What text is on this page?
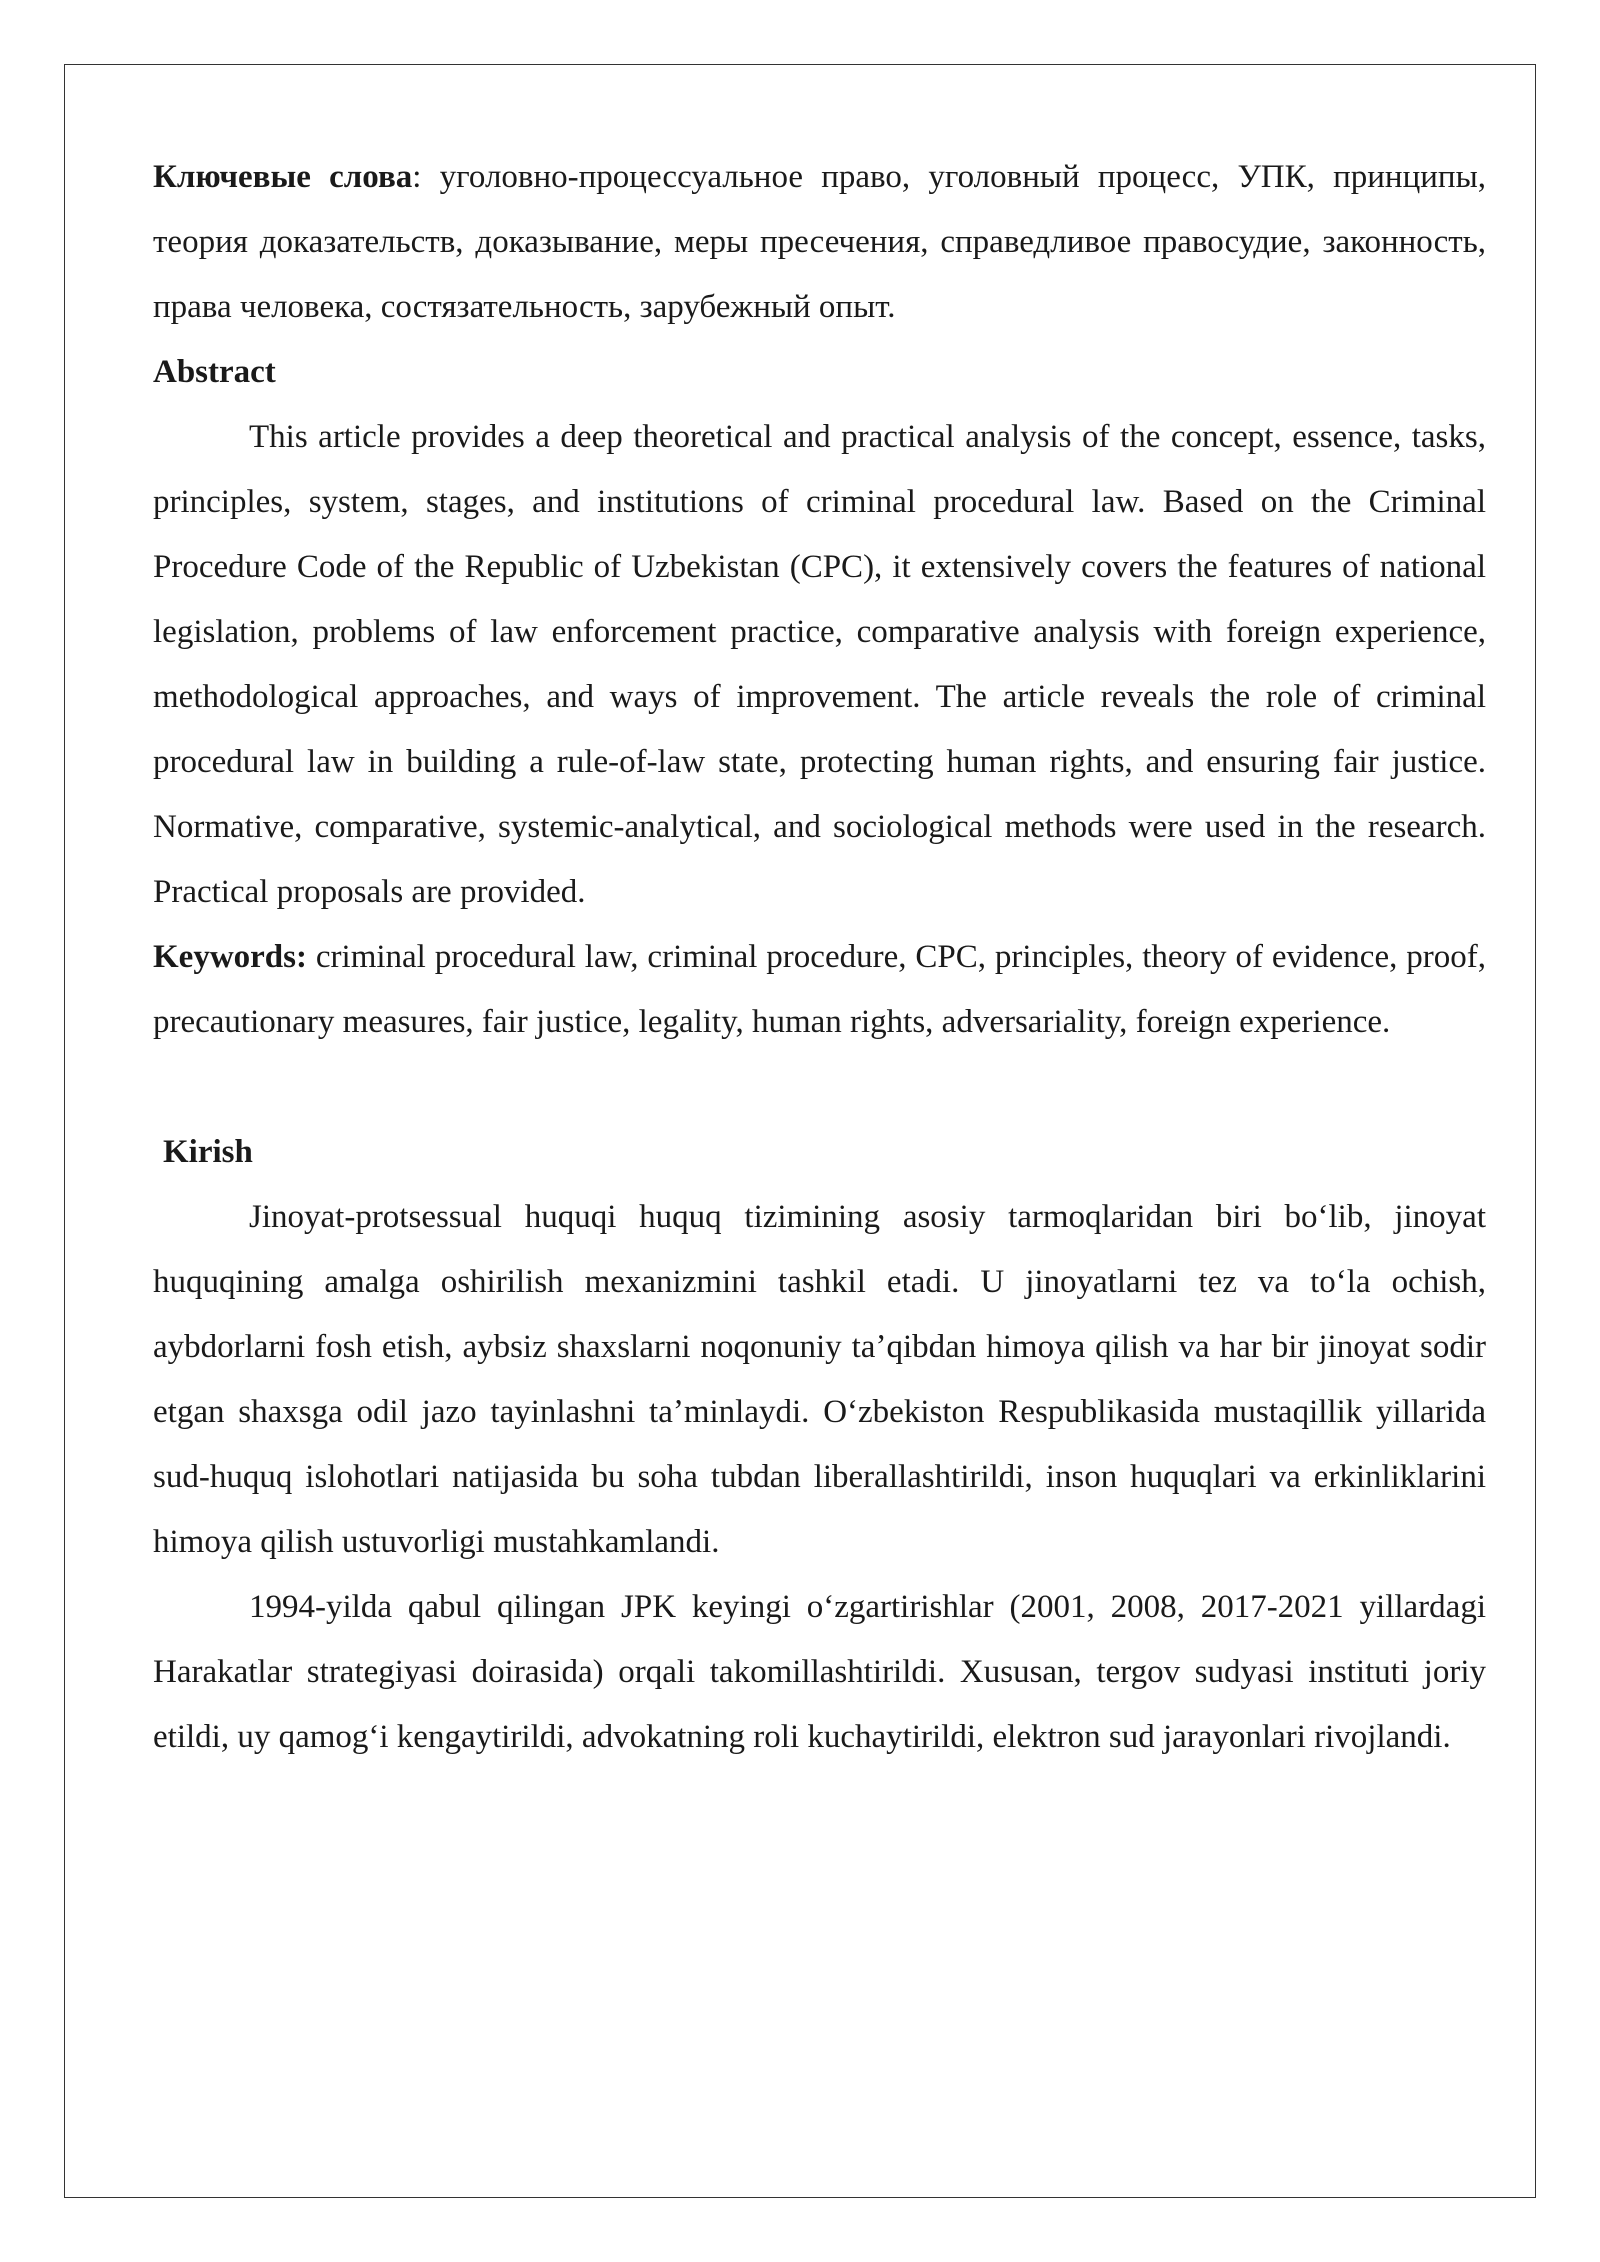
Ключевые слова: уголовно-процессуальное право, уголовный процесс, УПК, принципы, теория доказательств, доказывание, меры пресечения, справедливое правосудие, законность, права человека, состязательность, зарубежный опыт.

Abstract

This article provides a deep theoretical and practical analysis of the concept, essence, tasks, principles, system, stages, and institutions of criminal procedural law. Based on the Criminal Procedure Code of the Republic of Uzbekistan (CPC), it extensively covers the features of national legislation, problems of law enforcement practice, comparative analysis with foreign experience, methodological approaches, and ways of improvement. The article reveals the role of criminal procedural law in building a rule-of-law state, protecting human rights, and ensuring fair justice. Normative, comparative, systemic-analytical, and sociological methods were used in the research. Practical proposals are provided.

Keywords: criminal procedural law, criminal procedure, CPC, principles, theory of evidence, proof, precautionary measures, fair justice, legality, human rights, adversariality, foreign experience.

Kirish

Jinoyat-protsessual huquqi huquq tizimining asosiy tarmoqlaridan biri boʻlib, jinoyat huquqining amalga oshirilish mexanizmini tashkil etadi. U jinoyatlarni tez va toʻla ochish, aybdorlarni fosh etish, aybsiz shaxslarni noqonuniy taʼqibdan himoya qilish va har bir jinoyat sodir etgan shaxsga odil jazo tayinlashni taʼminlaydi. Oʻzbekiston Respublikasida mustaqillik yillarida sud-huquq islohotlari natijasida bu soha tubdan liberallashtirildi, inson huquqlari va erkinliklarini himoya qilish ustuvorligi mustahkamlandi.

1994-yilda qabul qilingan JPK keyingi oʻzgartirishlar (2001, 2008, 2017-2021 yillardagi Harakatlar strategiyasi doirasida) orqali takomillashtirildi. Xususan, tergov sudyasi instituti joriy etildi, uy qamogʻi kengaytirildi, advokatning roli kuchaytirildi, elektron sud jarayonlari rivojlandi.
